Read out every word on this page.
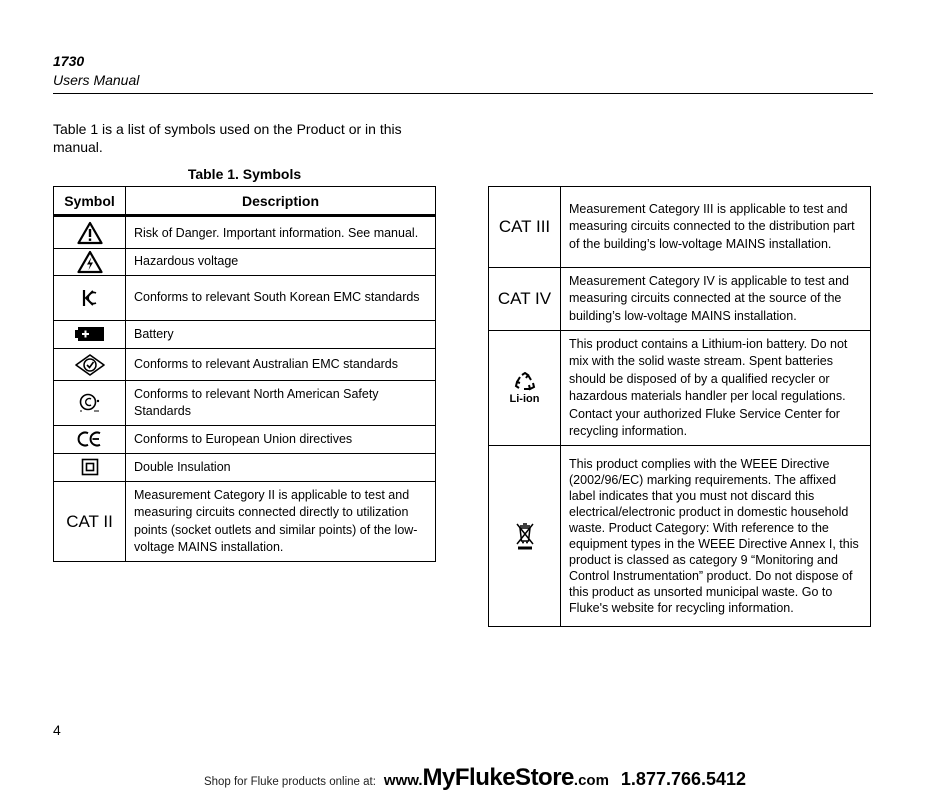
1730
Users Manual
Table 1 is a list of symbols used on the Product or in this manual.
Table 1. Symbols
Symbol	Description
	Risk of Danger. Important information. See manual.
	Hazardous voltage
	Conforms to relevant South Korean EMC standards
	Battery
	Conforms to relevant Australian EMC standards
	Conforms to relevant North American Safety Standards
	Conforms to European Union directives
	Double Insulation
CAT II	Measurement Category II is applicable to test and measuring circuits connected directly to utilization points (socket outlets and similar points) of the low-voltage MAINS installation.
CAT III	Measurement Category III is applicable to test and measuring circuits connected to the distribution part of the building’s low-voltage MAINS installation.
CAT IV	Measurement Category IV is applicable to test and measuring circuits connected at the source of the building’s low-voltage MAINS installation.

Li-ion	This product contains a Lithium-ion battery. Do not mix with the solid waste stream. Spent batteries should be disposed of by a qualified recycler or hazardous materials handler per local regulations. Contact your authorized Fluke Service Center for recycling information.
	This product complies with the WEEE Directive (2002/96/EC) marking requirements. The affixed label indicates that you must not discard this electrical/electronic product in domestic household waste. Product Category: With reference to the equipment types in the WEEE Directive Annex I, this product is classed as category 9 “Monitoring and Control Instrumentation” product. Do not dispose of this product as unsorted municipal waste. Go to Fluke's website for recycling information.
4
Shop for Fluke products online at: www.MyFlukeStore.com 1.877.766.5412
